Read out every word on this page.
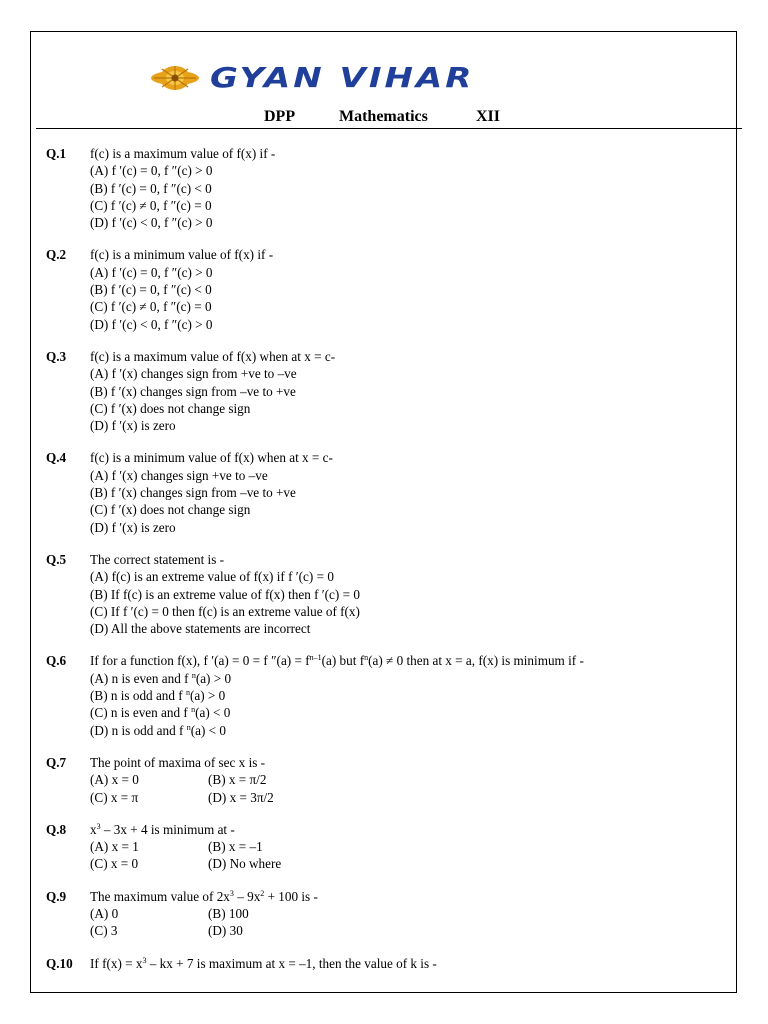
GYAN VIHAR
DPP	Mathematics	XII
Q.1	f(c) is a maximum value of f(x) if -
(A) f ′(c) = 0, f ″(c) > 0
(B) f ′(c) = 0, f ″(c) < 0
(C) f ′(c) ≠ 0, f ″(c) = 0
(D) f ′(c) < 0, f ″(c) > 0
Q.2	f(c) is a minimum value of f(x) if -
(A) f ′(c) = 0, f ″(c) > 0
(B) f ′(c) = 0, f ″(c) < 0
(C) f ′(c) ≠ 0, f ″(c) = 0
(D) f ′(c) < 0, f ″(c) > 0
Q.3	f(c) is a maximum value of f(x) when at x = c-
(A) f ′(x) changes sign from +ve to –ve
(B) f ′(x) changes sign from –ve to +ve
(C) f ′(x) does not change sign
(D) f ′(x) is zero
Q.4	f(c) is a minimum value of f(x) when at x = c-
(A) f ′(x) changes sign +ve to –ve
(B) f ′(x) changes sign from –ve to +ve
(C) f ′(x) does not change sign
(D) f ′(x) is zero
Q.5	The correct statement is -
(A) f(c) is an extreme value of f(x) if f ′(c) = 0
(B) If f(c) is an extreme value of f(x) then f ′(c) = 0
(C) If f ′(c) = 0 then f(c) is an extreme value of f(x)
(D) All the above statements are incorrect
Q.6	If for a function f(x), f ′(a) = 0 = f $''(a) = f^{n-1}(a)$ but $f^n(a) \ne 0$ then at x = a, f(x) is minimum if -
(A) n is even and f $^n$(a) > 0
(B) n is odd and f $^n$(a) > 0
(C) n is even and f $^n$(a) < 0
(D) n is odd and f $^n$(a) < 0
Q.7	The point of maxima of sec x is -
(A) x = 0	(B) x = π/2
(C) x = π	(D) x = 3π/2
Q.8	$x^3 - 3x + 4$ is minimum at -
(A) x = 1	(B) x = –1
(C) x = 0	(D) No where
Q.9	The maximum value of $2x^3 - 9x^2 + 100$ is -
(A) 0	(B) 100
(C) 3	(D) 30
Q.10	If $f(x) = x^3$ – kx + 7 is maximum at x = –1, then the value of k is -
